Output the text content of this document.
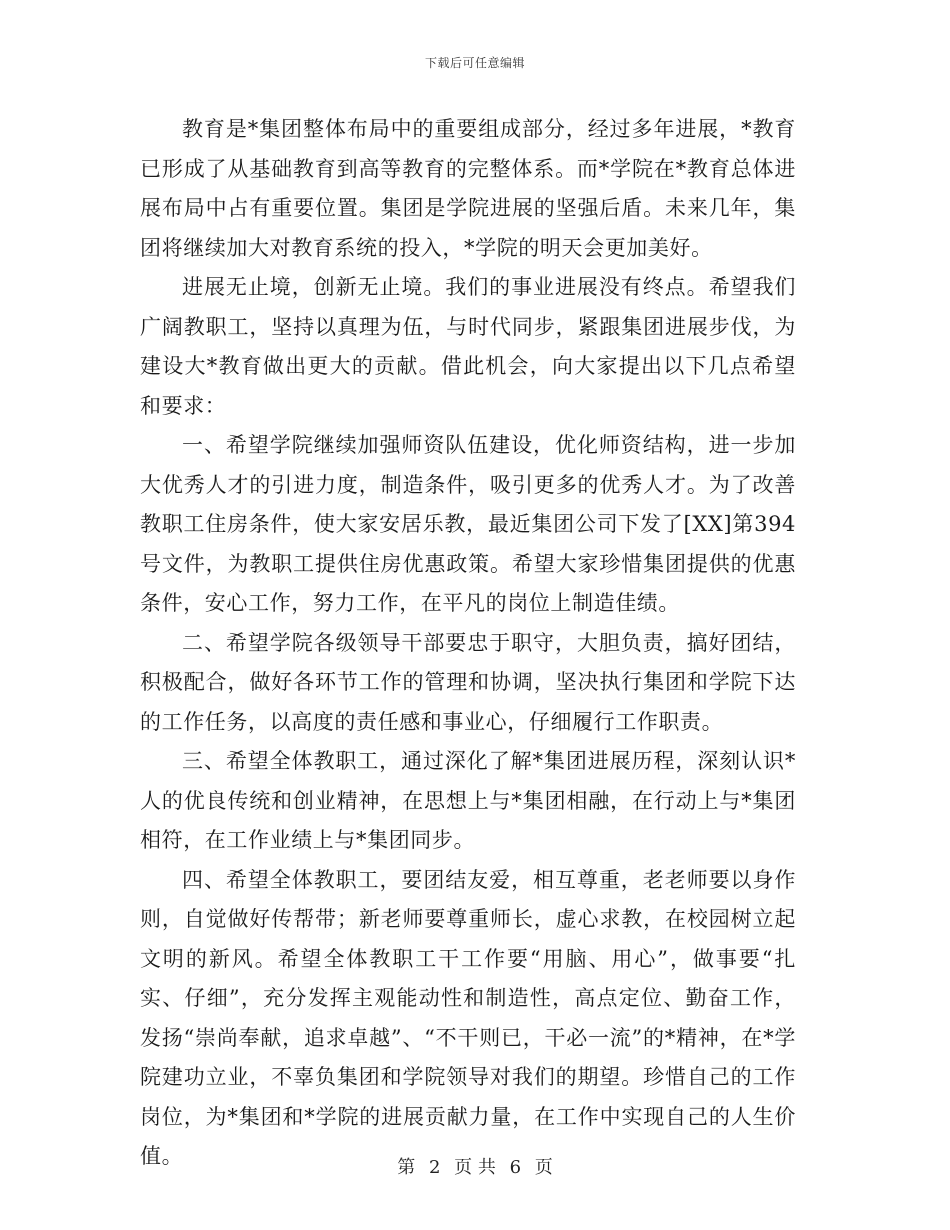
下载后可任意编辑

教育是*集团整体布局中的重要组成部分，经过多年进展，*教育已形成了从基础教育到高等教育的完整体系。而*学院在*教育总体进展布局中占有重要位置。集团是学院进展的坚强后盾。未来几年，集团将继续加大对教育系统的投入，*学院的明天会更加美好。

进展无止境，创新无止境。我们的事业进展没有终点。希望我们广阔教职工，坚持以真理为伍，与时代同步，紧跟集团进展步伐，为建设大*教育做出更大的贡献。借此机会，向大家提出以下几点希望和要求：

一、希望学院继续加强师资队伍建设，优化师资结构，进一步加大优秀人才的引进力度，制造条件，吸引更多的优秀人才。为了改善教职工住房条件，使大家安居乐教，最近集团公司下发了[XX]第394号文件，为教职工提供住房优惠政策。希望大家珍惜集团提供的优惠条件，安心工作，努力工作，在平凡的岗位上制造佳绩。

二、希望学院各级领导干部要忠于职守，大胆负责，搞好团结，积极配合，做好各环节工作的管理和协调，坚决执行集团和学院下达的工作任务，以高度的责任感和事业心，仔细履行工作职责。

三、希望全体教职工，通过深化了解*集团进展历程，深刻认识*人的优良传统和创业精神，在思想上与*集团相融，在行动上与*集团相符，在工作业绩上与*集团同步。

四、希望全体教职工，要团结友爱，相互尊重，老老师要以身作则，自觉做好传帮带；新老师要尊重师长，虚心求教，在校园树立起文明的新风。希望全体教职工干工作要“用脑、用心”，做事要“扎实、仔细”，充分发挥主观能动性和制造性，高点定位、勤奋工作，发扬“崇尚奉献，追求卓越”、“不干则已，干必一流”的*精神，在*学院建功立业，不辜负集团和学院领导对我们的期望。珍惜自己的工作岗位，为*集团和*学院的进展贡献力量，在工作中实现自己的人生价值。	第 2 页 共 6 页
